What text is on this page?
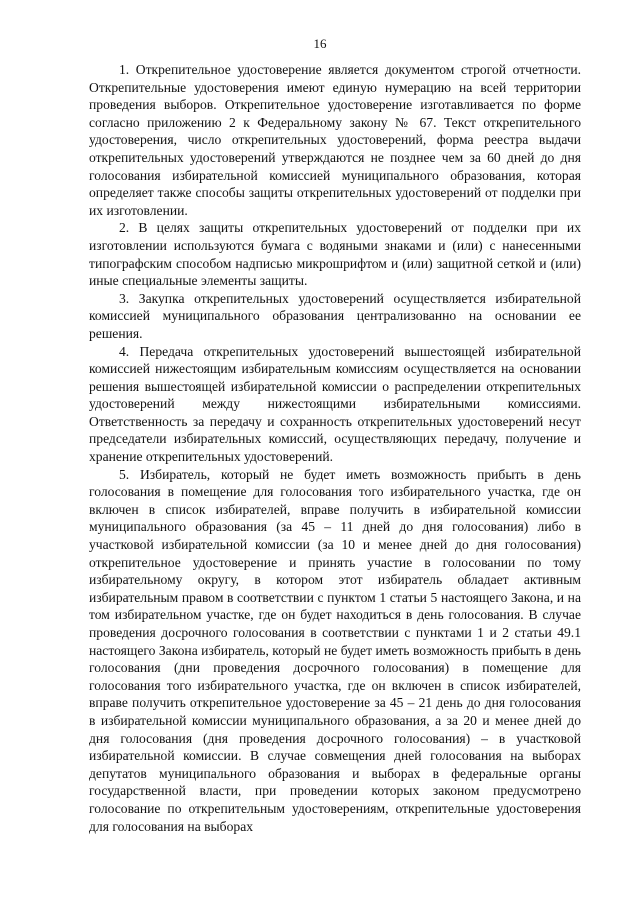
16

1. Открепительное удостоверение является документом строгой отчетности. Открепительные удостоверения имеют единую нумерацию на всей территории проведения выборов. Открепительное удостоверение изготавливается по форме согласно приложению 2 к Федеральному закону № 67. Текст открепительного удостоверения, число открепительных удостоверений, форма реестра выдачи открепительных удостоверений утверждаются не позднее чем за 60 дней до дня голосования избирательной комиссией муниципального образования, которая определяет также способы защиты открепительных удостоверений от подделки при их изготовлении.

2. В целях защиты открепительных удостоверений от подделки при их изготовлении используются бумага с водяными знаками и (или) с нанесенными типографским способом надписью микрошрифтом и (или) защитной сеткой и (или) иные специальные элементы защиты.

3. Закупка открепительных удостоверений осуществляется избирательной комиссией муниципального образования централизованно на основании ее решения.

4. Передача открепительных удостоверений вышестоящей избирательной комиссией нижестоящим избирательным комиссиям осуществляется на основании решения вышестоящей избирательной комиссии о распределении открепительных удостоверений между нижестоящими избирательными комиссиями. Ответственность за передачу и сохранность открепительных удостоверений несут председатели избирательных комиссий, осуществляющих передачу, получение и хранение открепительных удостоверений.

5. Избиратель, который не будет иметь возможность прибыть в день голосования в помещение для голосования того избирательного участка, где он включен в список избирателей, вправе получить в избирательной комиссии муниципального образования (за 45 – 11 дней до дня голосования) либо в участковой избирательной комиссии (за 10 и менее дней до дня голосования) открепительное удостоверение и принять участие в голосовании по тому избирательному округу, в котором этот избиратель обладает активным избирательным правом в соответствии с пунктом 1 статьи 5 настоящего Закона, и на том избирательном участке, где он будет находиться в день голосования. В случае проведения досрочного голосования в соответствии с пунктами 1 и 2 статьи 49.1 настоящего Закона избиратель, который не будет иметь возможность прибыть в день голосования (дни проведения досрочного голосования) в помещение для голосования того избирательного участка, где он включен в список избирателей, вправе получить открепительное удостоверение за 45 – 21 день до дня голосования в избирательной комиссии муниципального образования, а за 20 и менее дней до дня голосования (дня проведения досрочного голосования) – в участковой избирательной комиссии. В случае совмещения дней голосования на выборах депутатов муниципального образования и выборах в федеральные органы государственной власти, при проведении которых законом предусмотрено голосование по открепительным удостоверениям, открепительные удостоверения для голосования на выборах
